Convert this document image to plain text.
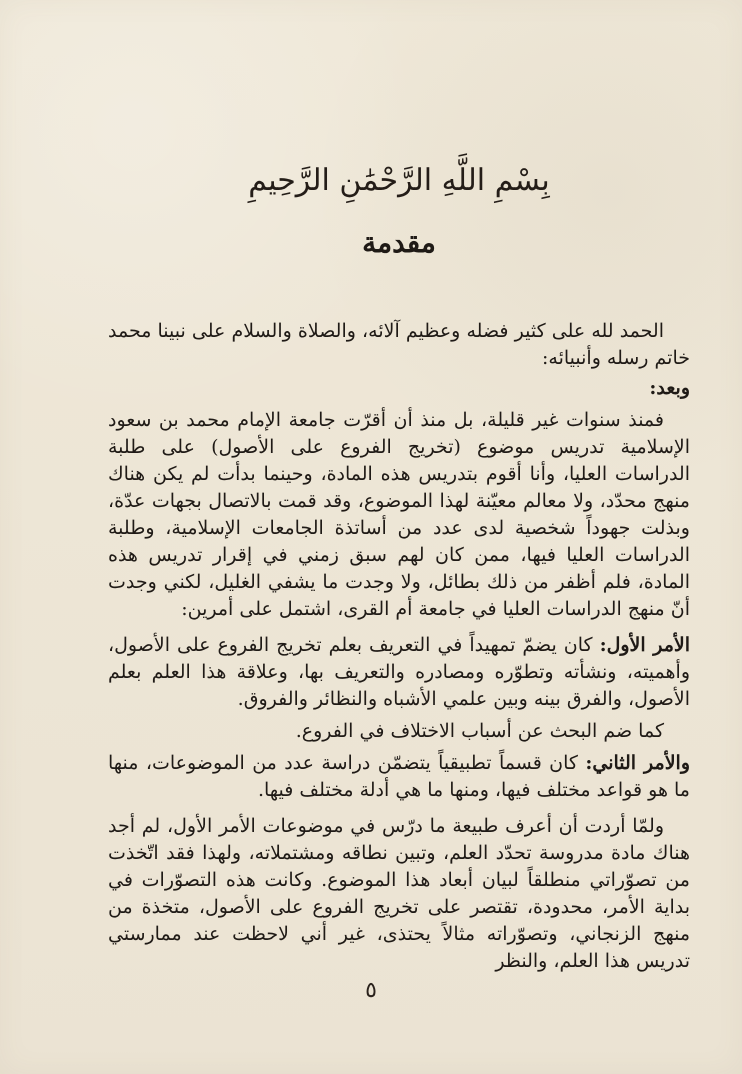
بِسْمِ اللَّهِ الرَّحْمَٰنِ الرَّحِيمِ
مقدمة

الحمد لله على كثير فضله وعظيم آلائه، والصلاة والسلام على نبينا محمد خاتم رسله وأنبيائه:

وبعد:

فمنذ سنوات غير قليلة، بل منذ أن أقرّت جامعة الإمام محمد بن سعود الإسلامية تدريس موضوع (تخريج الفروع على الأصول) على طلبة الدراسات العليا، وأنا أقوم بتدريس هذه المادة، وحينما بدأت لم يكن هناك منهج محدّد، ولا معالم معيّنة لهذا الموضوع، وقد قمت بالاتصال بجهات عدّة، وبذلت جهوداً شخصية لدى عدد من أساتذة الجامعات الإسلامية، وطلبة الدراسات العليا فيها، ممن كان لهم سبق زمني في إقرار تدريس هذه المادة، فلم أظفر من ذلك بطائل، ولا وجدت ما يشفي الغليل، لكني وجدت أنّ منهج الدراسات العليا في جامعة أم القرى، اشتمل على أمرين:

الأمر الأول: كان يضمّ تمهيداً في التعريف بعلم تخريج الفروع على الأصول، وأهميته، ونشأته وتطوّره ومصادره والتعريف بها، وعلاقة هذا العلم بعلم الأصول، والفرق بينه وبين علمي الأشباه والنظائر والفروق.

كما ضم البحث عن أسباب الاختلاف في الفروع.

والأمر الثاني: كان قسماً تطبيقياً يتضمّن دراسة عدد من الموضوعات، منها ما هو قواعد مختلف فيها، ومنها ما هي أدلة مختلف فيها.

ولمّا أردت أن أعرف طبيعة ما درّس في موضوعات الأمر الأول، لم أجد هناك مادة مدروسة تحدّد العلم، وتبين نطاقه ومشتملاته، ولهذا فقد اتّخذت من تصوّراتي منطلقاً لبيان أبعاد هذا الموضوع. وكانت هذه التصوّرات في بداية الأمر، محدودة، تقتصر على تخريج الفروع على الأصول، متخذة من منهج الزنجاني، وتصوّراته مثالاً يحتذى، غير أني لاحظت عند ممارستي تدريس هذا العلم، والنظر

٥
